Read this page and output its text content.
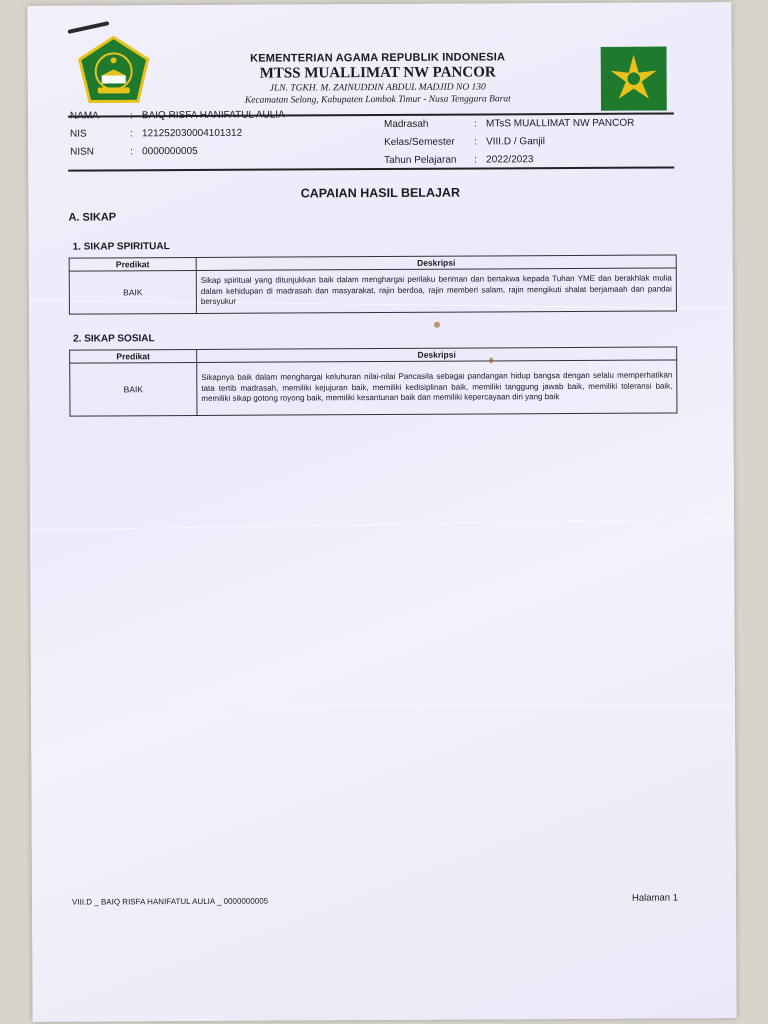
KEMENTERIAN AGAMA REPUBLIK INDONESIA
MTSS MUALLIMAT NW PANCOR
JLN. TGKH. M. ZAINUDDIN ABDUL MADJID NO 130
Kecamatan Selong, Kabupaten Lombok Timur - Nusa Tenggara Barat
NAMA	: BAIQ RISFA HANIFATUL AULIA
NIS	: 121252030004101312
NISN	: 0000000005
Madrasah	: MTsS MUALLIMAT NW PANCOR
Kelas/Semester	: VIII.D / Ganjil
Tahun Pelajaran	: 2022/2023
CAPAIAN HASIL BELAJAR
A. SIKAP
1. SIKAP SPIRITUAL
Predikat	Deskripsi
BAIK	Sikap spiritual yang ditunjukkan baik dalam menghargai perilaku beriman dan bertakwa kepada Tuhan YME dan berakhlak mulia dalam kehidupan di madrasah dan masyarakat, rajin berdoa, rajin memberi salam, rajin mengikuti shalat berjamaah dan pandai bersyukur
2. SIKAP SOSIAL
Predikat	Deskripsi
BAIK	Sikapnya baik dalam menghargai keluhuran nilai-nilai Pancasila sebagai pandangan hidup bangsa dengan selalu memperhatikan tata tertib madrasah, memiliki kejujuran baik, memiliki kedisiplinan baik, memiliki tanggung jawab baik, memiliki toleransi baik, memiliki sikap gotong royong baik, memiliki kesantunan baik dan memiliki kepercayaan diri yang baik
VIII.D _ BAIQ RISFA HANIFATUL AULIA _ 0000000005	Halaman 1
